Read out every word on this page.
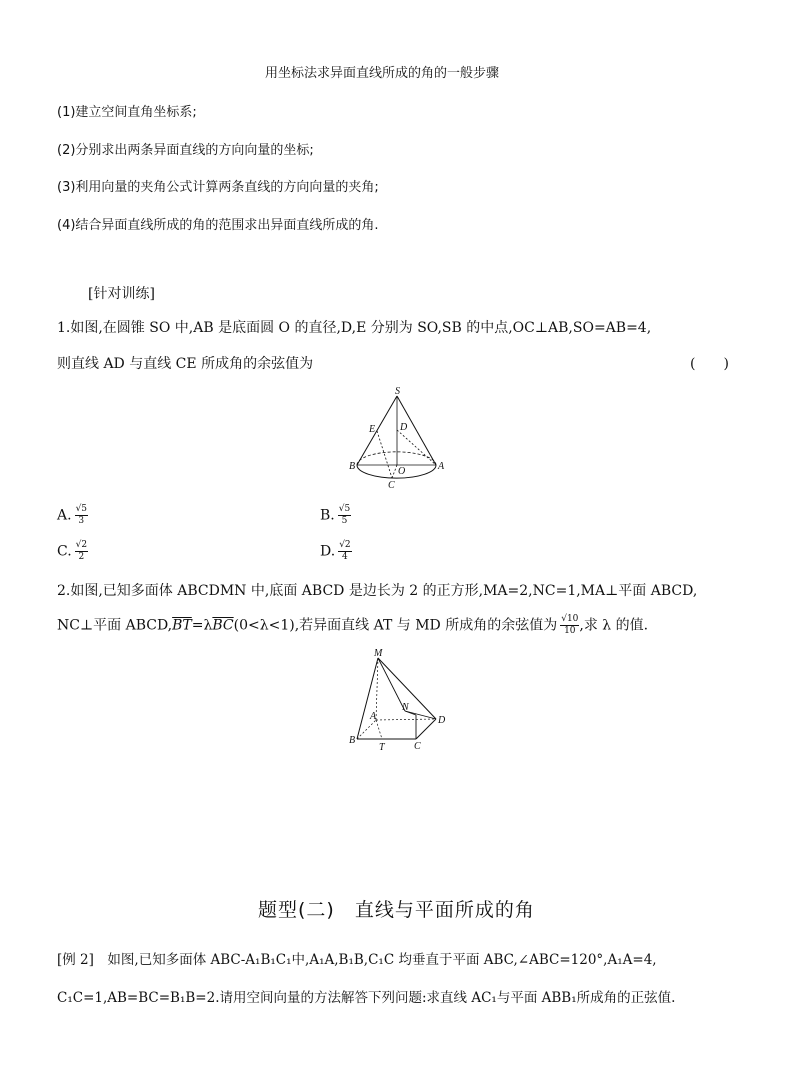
用坐标法求异面直线所成的角的一般步骤
(1)建立空间直角坐标系;
(2)分别求出两条异面直线的方向向量的坐标;
(3)利用向量的夹角公式计算两条直线的方向向量的夹角;
(4)结合异面直线所成的角的范围求出异面直线所成的角.
[针对训练]
1.如图,在圆锥 SO 中,AB 是底面圆 O 的直径,D,E 分别为 SO,SB 的中点,OC⊥AB,SO=AB=4,
则直线 AD 与直线 CE 所成角的余弦值为	(　　)
S
E D
B	O	A
C
A. $\frac{√5}{3}$	B. $\frac{√5}{5}$
C. $\frac{√2}{2}$	D. $\frac{√2}{4}$
2.如图,已知多面体 ABCDMN 中,底面 ABCD 是边长为 2 的正方形,MA=2,NC=1,MA⊥平面 ABCD,
NC⊥平面 $ABCD,\overline{BT}=\lambda\overline{BC}(0<\lambda<1)$,若异面直线 AT 与 MD 所成角的余弦值为 $\frac{√10}{10}$ ,求 λ 的值.
M
A
N
D
B
T	C
题型(二)　直线与平面所成的角
[例 2]　如图,已知多面体 ABC-A₁B₁C₁中,A₁A,B₁B,C₁C 均垂直于平面 ABC,∠ABC=120°,A₁A=4,
C₁C=1,AB=BC=B₁B=2.请用空间向量的方法解答下列问题:求直线 AC₁与平面 ABB₁所成角的正弦值.
